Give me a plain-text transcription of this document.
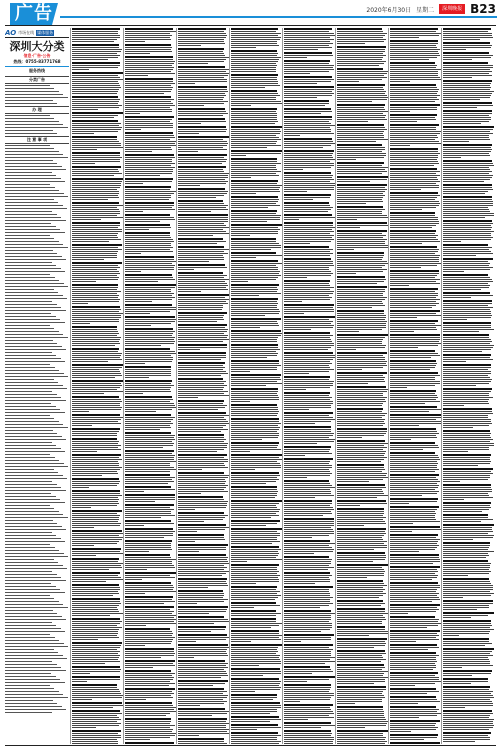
广告	2020年6月30日 星期二	深圳晚报 B23
AO 市场在线 媒体服务
深圳大分类
信息·广告·公告
热线：0755-83771768
服务热线
分类广告
办 理
注 意 事 项
